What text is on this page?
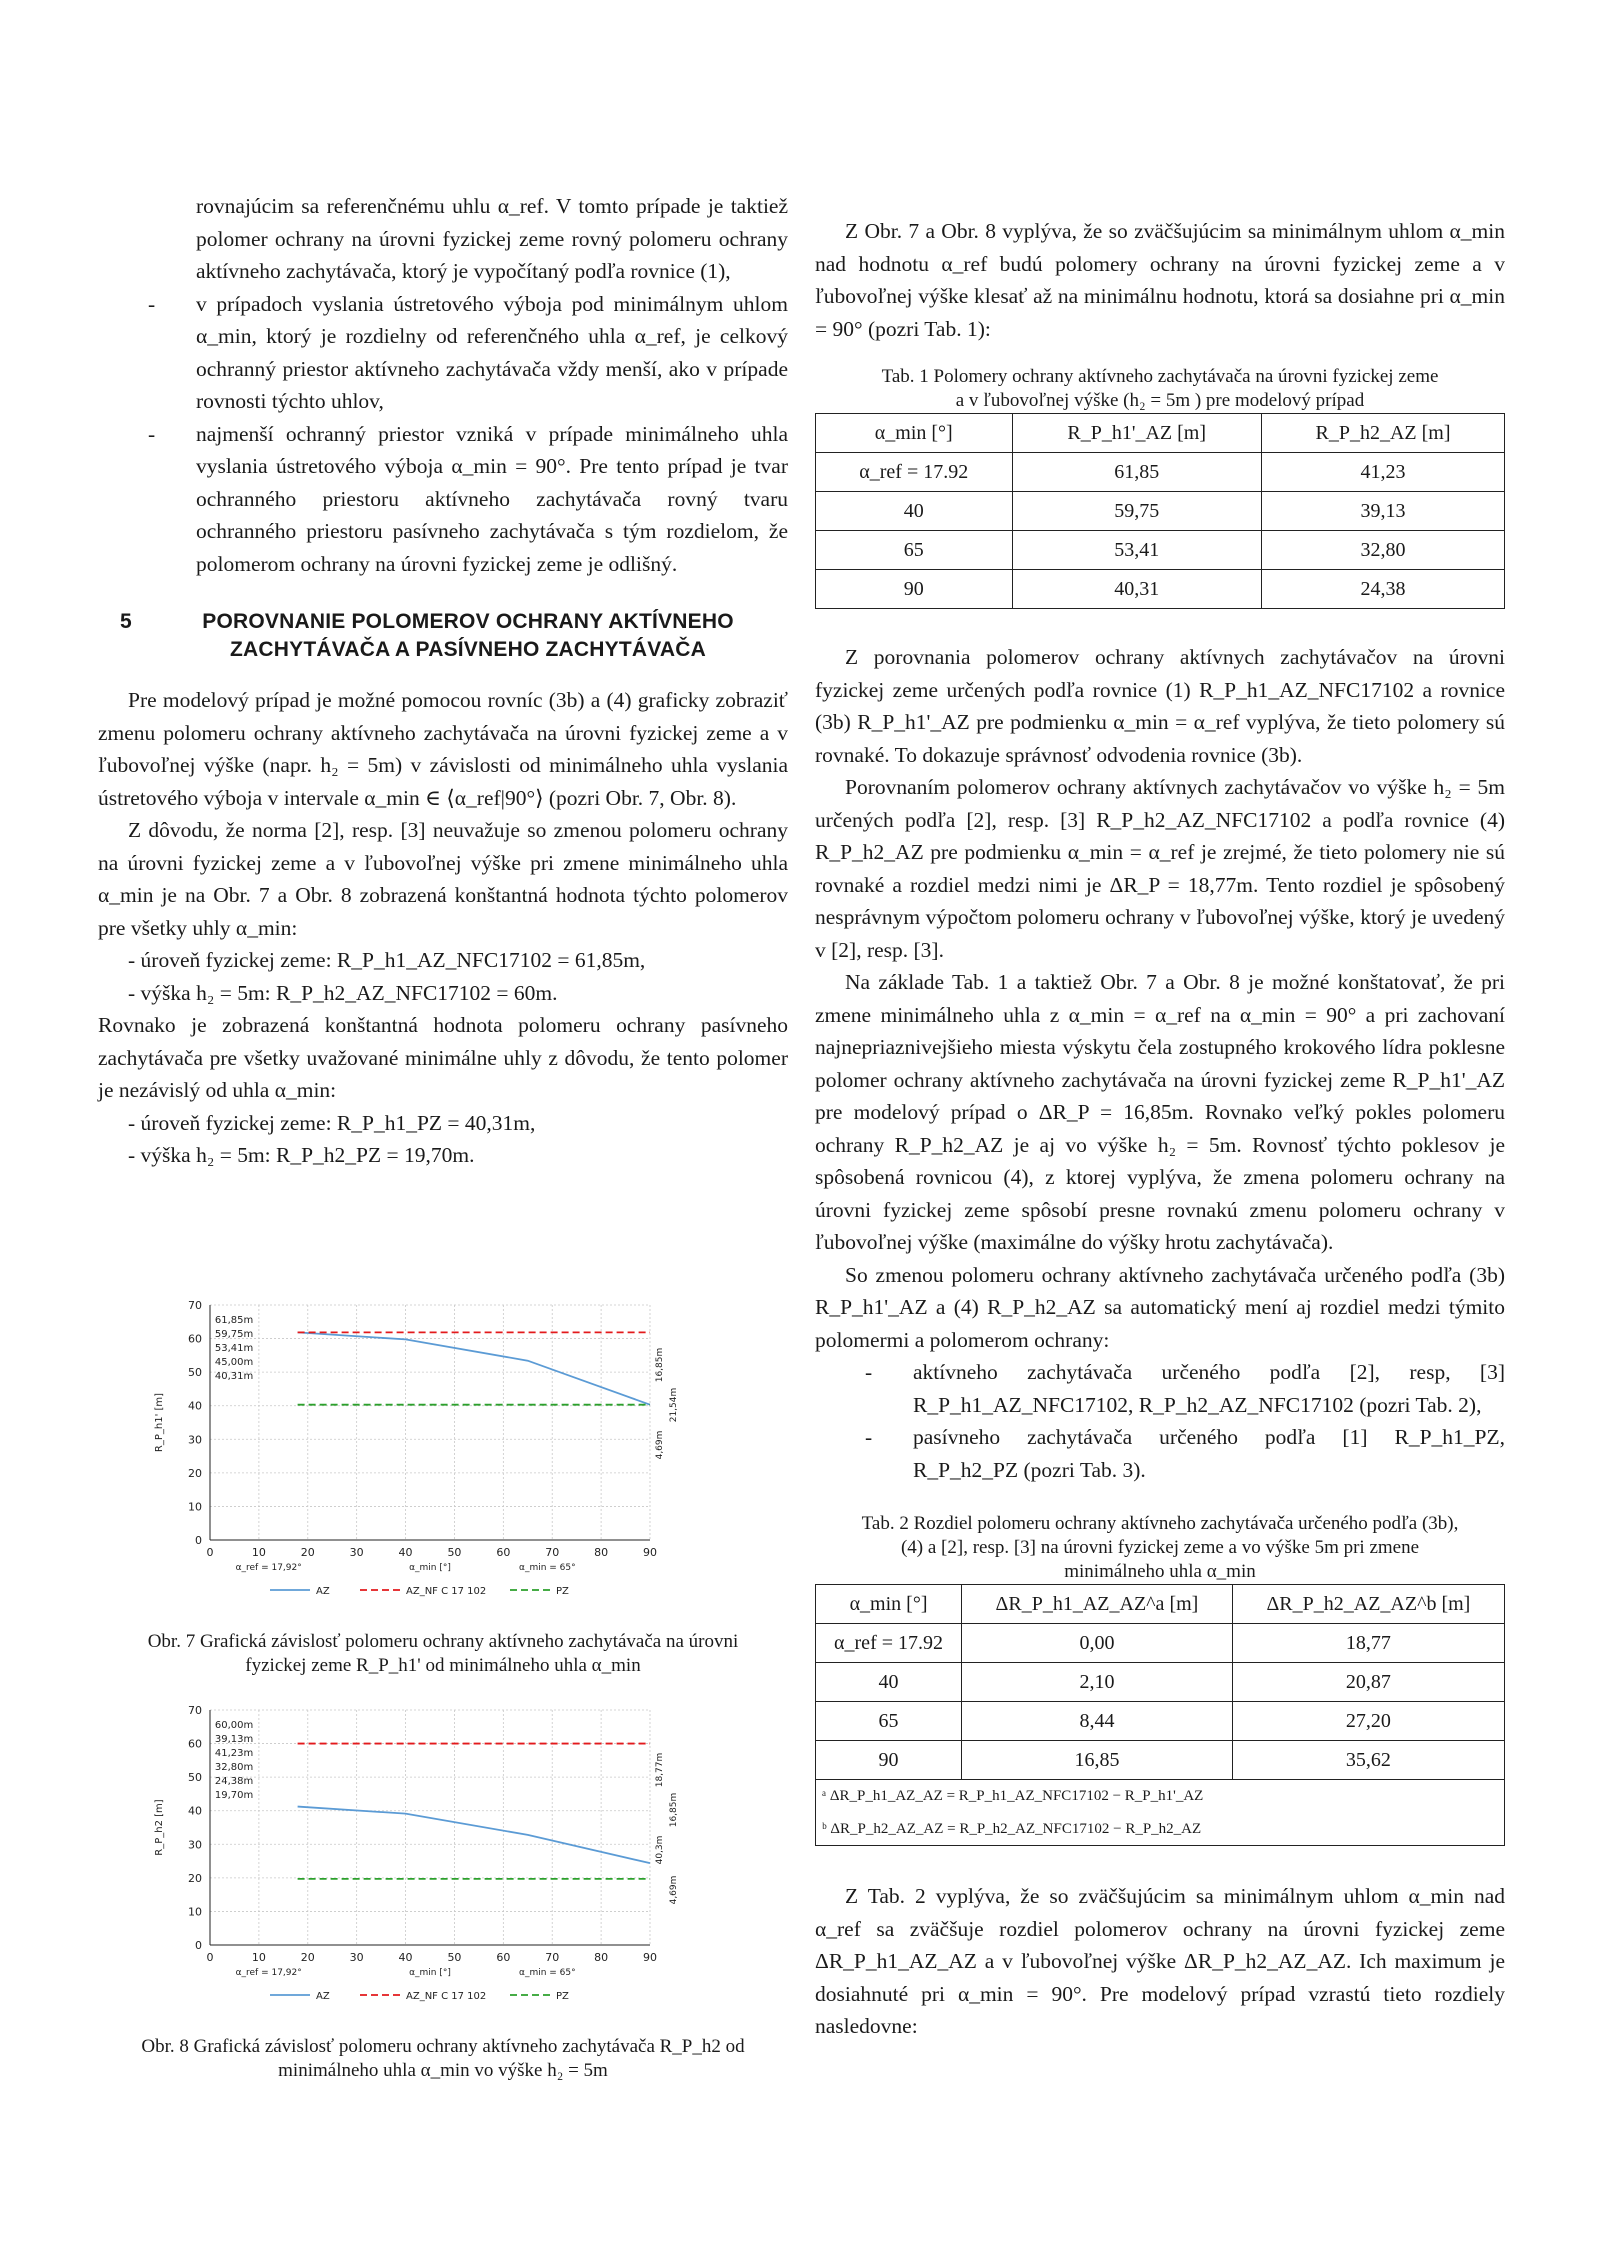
rovnajúcim sa referenčnému uhlu α_ref. V tomto prípade je taktiež polomer ochrany na úrovni fyzickej zeme rovný polomeru ochrany aktívneho zachytávača, ktorý je vypočítaný podľa rovnice (1),

- v prípadoch vyslania ústretového výboja pod minimálnym uhlom α_min, ktorý je rozdielny od referenčného uhla α_ref, je celkový ochranný priestor aktívneho zachytávača vždy menší, ako v prípade rovnosti týchto uhlov,

- najmenší ochranný priestor vzniká v prípade minimálneho uhla vyslania ústretového výboja α_min = 90°. Pre tento prípad je tvar ochranného priestoru aktívneho zachytávača rovný tvaru ochranného priestoru pasívneho zachytávača s tým rozdielom, že polomerom ochrany na úrovni fyzickej zeme je odlišný.

5	POROVNANIE POLOMEROV OCHRANY AKTÍVNEHO
ZACHYTÁVAČA A PASÍVNEHO ZACHYTÁVAČA

Pre modelový prípad je možné pomocou rovníc (3b) a (4) graficky zobraziť zmenu polomeru ochrany aktívneho zachytávača na úrovni fyzickej zeme a v ľubovoľnej výške (napr. h₂ = 5m) v závislosti od minimálneho uhla vyslania ústretového výboja v intervale α_min ∈ ⟨α_ref|90°⟩ (pozri Obr. 7, Obr. 8).

Z dôvodu, že norma [2], resp. [3] neuvažuje so zmenou polomeru ochrany na úrovni fyzickej zeme a v ľubovoľnej výške pri zmene minimálneho uhla α_min je na Obr. 7 a Obr. 8 zobrazená konštantná hodnota týchto polomerov pre všetky uhly α_min:

- úroveň fyzickej zeme: R_P_h1_AZ_NFC17102 = 61,85m,

- výška h₂ = 5m: R_P_h2_AZ_NFC17102 = 60m.

Rovnako je zobrazená konštantná hodnota polomeru ochrany pasívneho zachytávača pre všetky uvažované minimálne uhly z dôvodu, že tento polomer je nezávislý od uhla α_min:

- úroveň fyzickej zeme: R_P_h1_PZ = 40,31m,

- výška h₂ = 5m: R_P_h2_PZ = 19,70m.

0
10
20
30
40
50
60
70
0	10	20	30	40	50	60	70	80	90
R_P_h1' [m]
α_min [°]
α_ref = 17,92°	α_min = 65°
61,85m
59,75m
53,41m
45,00m
40,31m	16,85m
21,54m
4,69m
AZ	AZ_NF C 17 102	PZ
Obr. 7 Grafická závislosť polomeru ochrany aktívneho zachytávača na úrovni
fyzickej zeme R_P_h1' od minimálneho uhla α_min
0
10
20
30
40
50
60
70
0	10	20	30	40	50	60	70	80	90
R_P_h2 [m]
α_min [°]
α_ref = 17,92°	α_min = 65°
60,00m
39,13m
41,23m
32,80m
24,38m
19,70m
18,77m
16,85m
40,3m
4,69m
AZ	AZ_NF C 17 102	PZ
Obr. 8 Grafická závislosť polomeru ochrany aktívneho zachytávača R_P_h2 od
minimálneho uhla α_min vo výške h₂ = 5m

Z Obr. 7 a Obr. 8 vyplýva, že so zväčšujúcim sa minimálnym uhlom α_min nad hodnotu α_ref budú polomery ochrany na úrovni fyzickej zeme a v ľubovoľnej výške klesať až na minimálnu hodnotu, ktorá sa dosiahne pri α_min = 90° (pozri Tab. 1):

Tab. 1 Polomery ochrany aktívneho zachytávača na úrovni fyzickej zeme
a v ľubovoľnej výške (h₂ = 5m ) pre modelový prípad
α_min [°]	R_P_h1'_AZ [m]	R_P_h2_AZ [m]
α_ref = 17.92	61,85	41,23
40	59,75	39,13
65	53,41	32,80
90	40,31	24,38

Z porovnania polomerov ochrany aktívnych zachytávačov na úrovni fyzickej zeme určených podľa rovnice (1) R_P_h1_AZ_NFC17102 a rovnice (3b) R_P_h1'_AZ pre podmienku α_min = α_ref vyplýva, že tieto polomery sú rovnaké. To dokazuje správnosť odvodenia rovnice (3b).

Porovnaním polomerov ochrany aktívnych zachytávačov vo výške h₂ = 5m určených podľa [2], resp. [3] R_P_h2_AZ_NFC17102 a podľa rovnice (4) R_P_h2_AZ pre podmienku α_min = α_ref je zrejmé, že tieto polomery nie sú rovnaké a rozdiel medzi nimi je ΔR_P = 18,77m. Tento rozdiel je spôsobený nesprávnym výpočtom polomeru ochrany v ľubovoľnej výške, ktorý je uvedený v [2], resp. [3].

Na základe Tab. 1 a taktiež Obr. 7 a Obr. 8 je možné konštatovať, že pri zmene minimálneho uhla z α_min = α_ref na α_min = 90° a pri zachovaní najnepriaznivejšieho miesta výskytu čela zostupného krokového lídra poklesne polomer ochrany aktívneho zachytávača na úrovni fyzickej zeme R_P_h1'_AZ pre modelový prípad o ΔR_P = 16,85m. Rovnako veľký pokles polomeru ochrany R_P_h2_AZ je aj vo výške h₂ = 5m. Rovnosť týchto poklesov je spôsobená rovnicou (4), z ktorej vyplýva, že zmena polomeru ochrany na úrovni fyzickej zeme spôsobí presne rovnakú zmenu polomeru ochrany v ľubovoľnej výške (maximálne do výšky hrotu zachytávača).

So zmenou polomeru ochrany aktívneho zachytávača určeného podľa (3b) R_P_h1'_AZ a (4) R_P_h2_AZ sa automatický mení aj rozdiel medzi týmito polomermi a polomerom ochrany:

- aktívneho zachytávača určeného podľa [2], resp, [3] R_P_h1_AZ_NFC17102, R_P_h2_AZ_NFC17102 (pozri Tab. 2),

- pasívneho zachytávača určeného podľa [1] R_P_h1_PZ, R_P_h2_PZ (pozri Tab. 3).

Tab. 2 Rozdiel polomeru ochrany aktívneho zachytávača určeného podľa (3b),
(4) a [2], resp. [3] na úrovni fyzickej zeme a vo výške 5m pri zmene
minimálneho uhla α_min
α_min [°]	ΔR_P_h1_AZ_AZ^a [m]	ΔR_P_h2_AZ_AZ^b [m]
α_ref = 17.92	0,00	18,77
40	2,10	20,87
65	8,44	27,20
90	16,85	35,62
ᵃ ΔR_P_h1_AZ_AZ = R_P_h1_AZ_NFC17102 − R_P_h1'_AZ		
ᵇ ΔR_P_h2_AZ_AZ = R_P_h2_AZ_NFC17102 − R_P_h2_AZ		

Z Tab. 2 vyplýva, že so zväčšujúcim sa minimálnym uhlom α_min nad α_ref sa zväčšuje rozdiel polomerov ochrany na úrovni fyzickej zeme ΔR_P_h1_AZ_AZ a v ľubovoľnej výške ΔR_P_h2_AZ_AZ. Ich maximum je dosiahnuté pri α_min = 90°. Pre modelový prípad vzrastú tieto rozdiely nasledovne:
